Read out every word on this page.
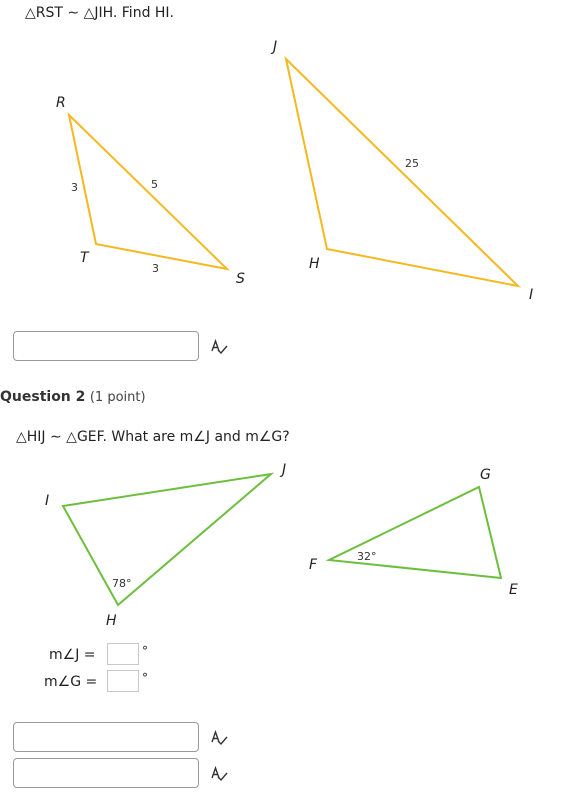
△RST ∼ △JIH. Find HI.
R
S
T
3	5
3
J
I
H
25
Question 2 (1 point)
△HIJ ∼ △GEF. What are m∠J and m∠G?
I
J
H
78°
G
E
F
32°
m∠J =	°
m∠G =	°
